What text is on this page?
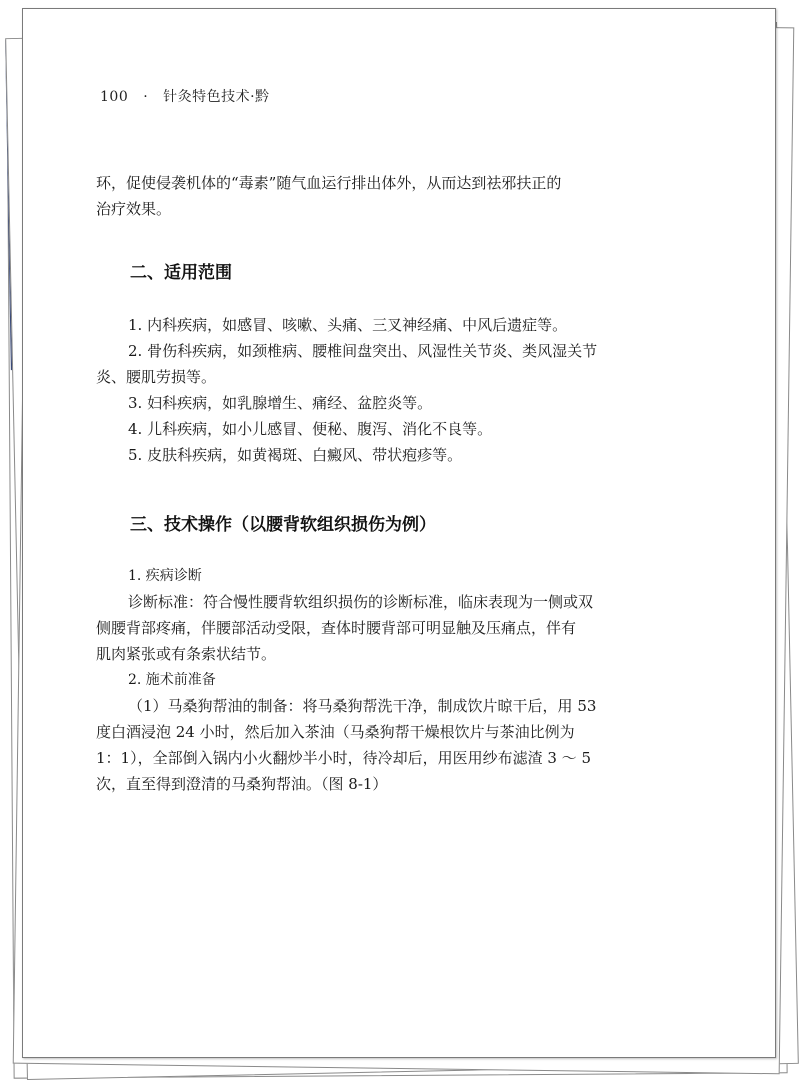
100 · 针灸特色技术·黔

环，促使侵袭机体的“毒素”随气血运行排出体外，从而达到祛邪扶正的

治疗效果。

二、适用范围

1. 内科疾病，如感冒、咳嗽、头痛、三叉神经痛、中风后遗症等。

2. 骨伤科疾病，如颈椎病、腰椎间盘突出、风湿性关节炎、类风湿关节

炎、腰肌劳损等。

3. 妇科疾病，如乳腺增生、痛经、盆腔炎等。

4. 儿科疾病，如小儿感冒、便秘、腹泻、消化不良等。

5. 皮肤科疾病，如黄褐斑、白癜风、带状疱疹等。

三、技术操作（以腰背软组织损伤为例）

1. 疾病诊断

诊断标准：符合慢性腰背软组织损伤的诊断标准，临床表现为一侧或双

侧腰背部疼痛，伴腰部活动受限，查体时腰背部可明显触及压痛点，伴有

肌肉紧张或有条索状结节。

2. 施术前准备

（1）马桑狗帮油的制备：将马桑狗帮洗干净，制成饮片晾干后，用 53

度白酒浸泡 24 小时，然后加入茶油（马桑狗帮干燥根饮片与茶油比例为

1：1），全部倒入锅内小火翻炒半小时，待冷却后，用医用纱布滤渣 3 ～ 5

次，直至得到澄清的马桑狗帮油。（图 8-1）
